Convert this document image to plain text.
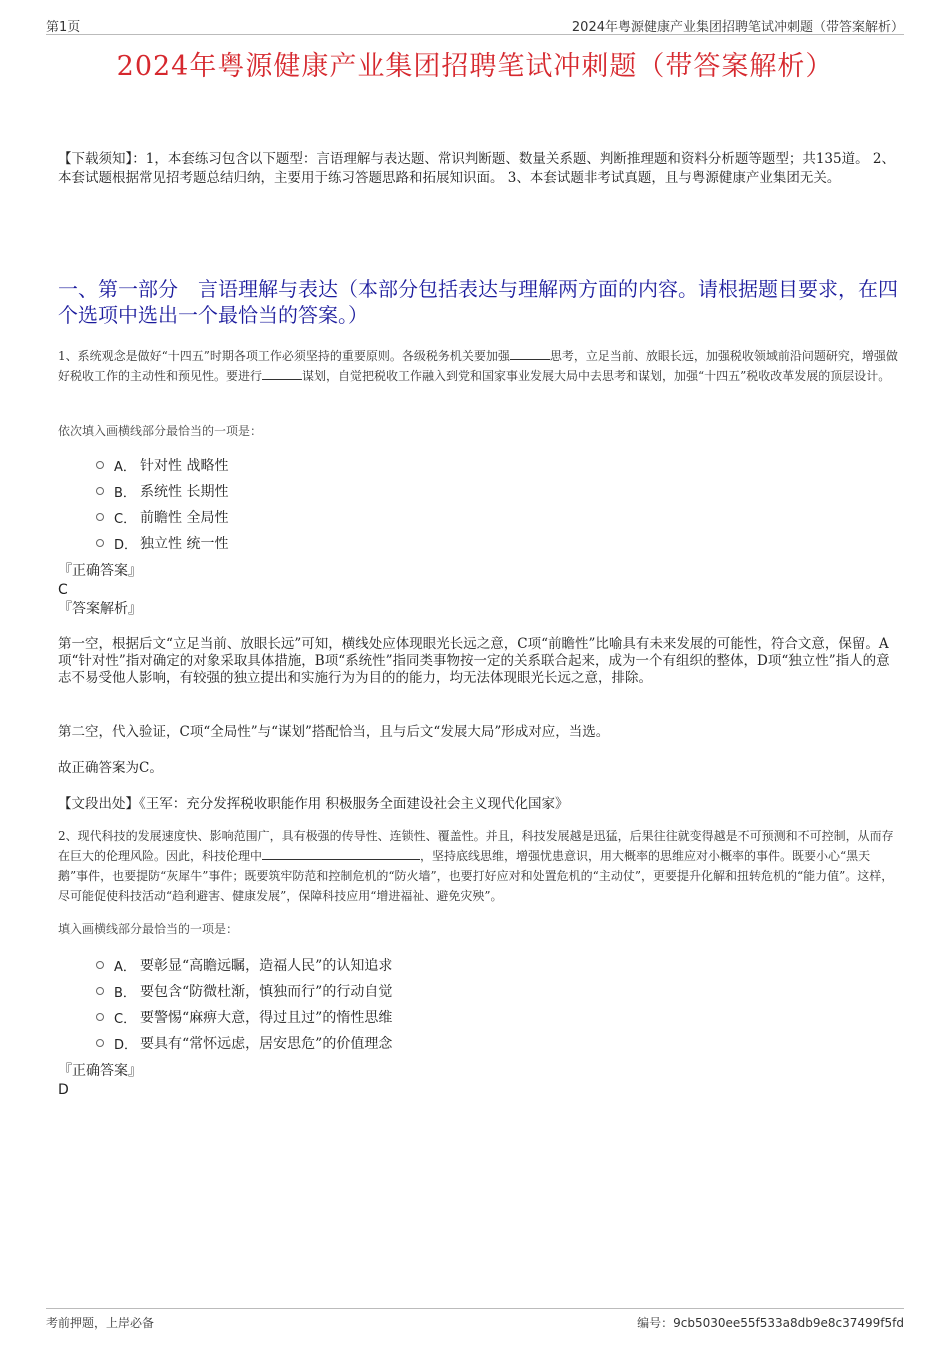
第1页	2024年粤源健康产业集团招聘笔试冲刺题（带答案解析）
2024年粤源健康产业集团招聘笔试冲刺题（带答案解析）
【下载须知】：1，本套练习包含以下题型：言语理解与表达题、常识判断题、数量关系题、判断推理题和资料分析题等题型；共135道。 2、本套试题根据常见招考题总结归纳，主要用于练习答题思路和拓展知识面。 3、本套试题非考试真题，且与粤源健康产业集团无关。
一、第一部分　言语理解与表达（本部分包括表达与理解两方面的内容。请根据题目要求，在四个选项中选出一个最恰当的答案。）
1、系统观念是做好“十四五”时期各项工作必须坚持的重要原则。各级税务机关要加强	思考，立足当前、放眼长远，加强税收领域前沿问题研究，增强做好税收工作的主动性和预见性。要进行	谋划，自觉把税收工作融入到党和国家事业发展大局中去思考和谋划，加强“十四五”税收改革发展的顶层设计。
依次填入画横线部分最恰当的一项是：
A． 针对性 战略性
B． 系统性 长期性
C． 前瞻性 全局性
D． 独立性 统一性
『正确答案』
C
『答案解析』
第一空，根据后文“立足当前、放眼长远”可知，横线处应体现眼光长远之意，C项“前瞻性”比喻具有未来发展的可能性，符合文意，保留。A项“针对性”指对确定的对象采取具体措施，B项“系统性”指同类事物按一定的关系联合起来，成为一个有组织的整体，D项“独立性”指人的意志不易受他人影响，有较强的独立提出和实施行为为目的的能力，均无法体现眼光长远之意，排除。
第二空，代入验证，C项“全局性”与“谋划”搭配恰当，且与后文“发展大局”形成对应，当选。
故正确答案为C。
【文段出处】《王军：充分发挥税收职能作用 积极服务全面建设社会主义现代化国家》
2、现代科技的发展速度快、影响范围广，具有极强的传导性、连锁性、覆盖性。并且，科技发展越是迅猛，后果往往就变得越是不可预测和不可控制，从而存在巨大的伦理风险。因此，科技伦理中	，坚持底线思维，增强忧患意识，用大概率的思维应对小概率的事件。既要小心“黑天鹅”事件，也要提防“灰犀牛”事件；既要筑牢防范和控制危机的“防火墙”，也要打好应对和处置危机的“主动仗”，更要提升化解和扭转危机的“能力值”。这样，尽可能促使科技活动“趋利避害、健康发展”，保障科技应用“增进福祉、避免灾殃”。
填入画横线部分最恰当的一项是：
A． 要彰显“高瞻远瞩，造福人民”的认知追求
B． 要包含“防微杜渐，慎独而行”的行动自觉
C． 要警惕“麻痹大意，得过且过”的惰性思维
D． 要具有“常怀远虑，居安思危”的价值理念
『正确答案』
D
考前押题，上岸必备	编号：9cb5030ee55f533a8db9e8c37499f5fd
